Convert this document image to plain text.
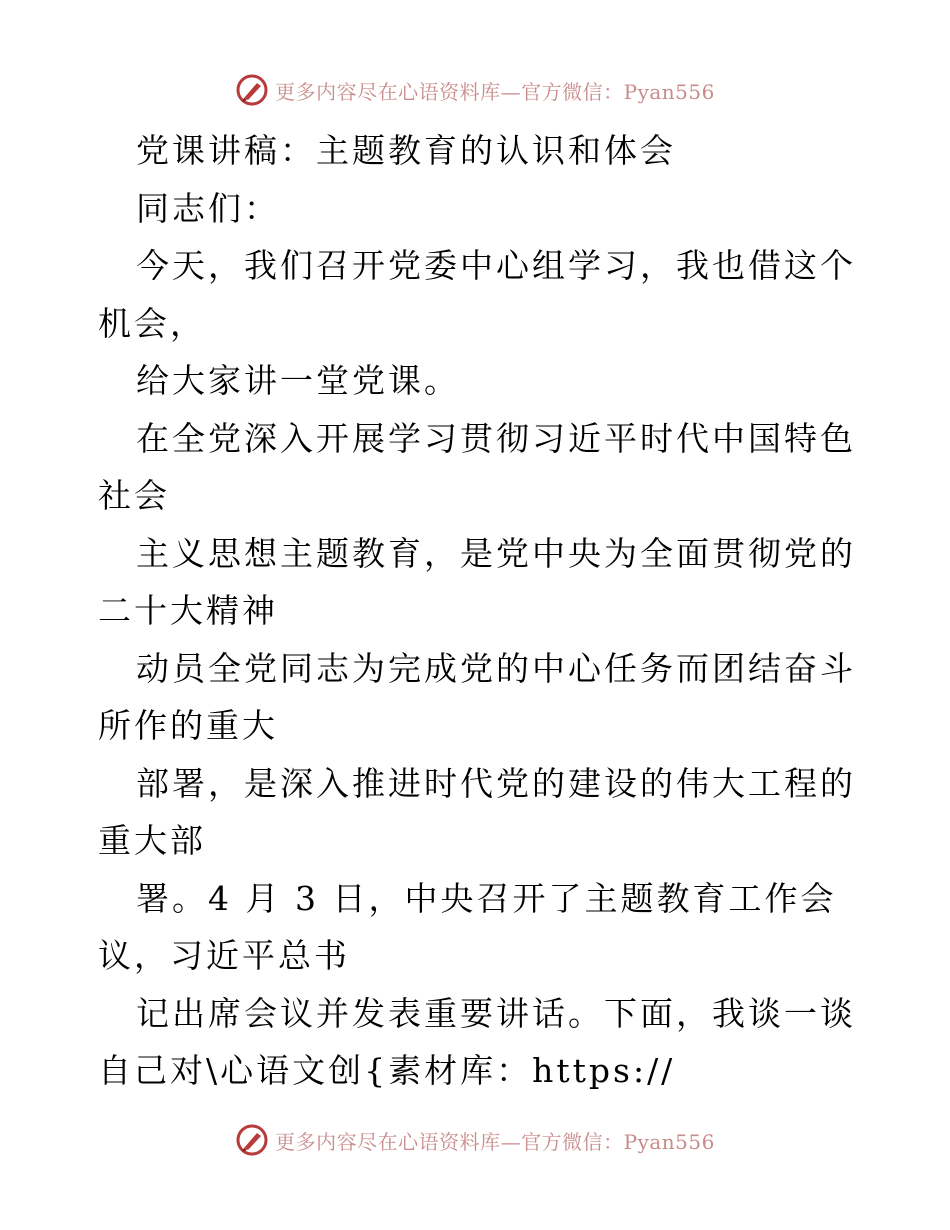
更多内容尽在心语资料库—官方微信：Pyan556

党课讲稿：主题教育的认识和体会

同志们：

今天，我们召开党委中心组学习，我也借这个机会，

给大家讲一堂党课。

在全党深入开展学习贯彻习近平时代中国特色社会

主义思想主题教育，是党中央为全面贯彻党的二十大精神

动员全党同志为完成党的中心任务而团结奋斗所作的重大

部署，是深入推进时代党的建设的伟大工程的重大部

署。4 月 3 日，中央召开了主题教育工作会议，习近平总书

记出席会议并发表重要讲话。下面，我谈一谈自己对\心语文创{素材库：https://

更多内容尽在心语资料库—官方微信：Pyan556
